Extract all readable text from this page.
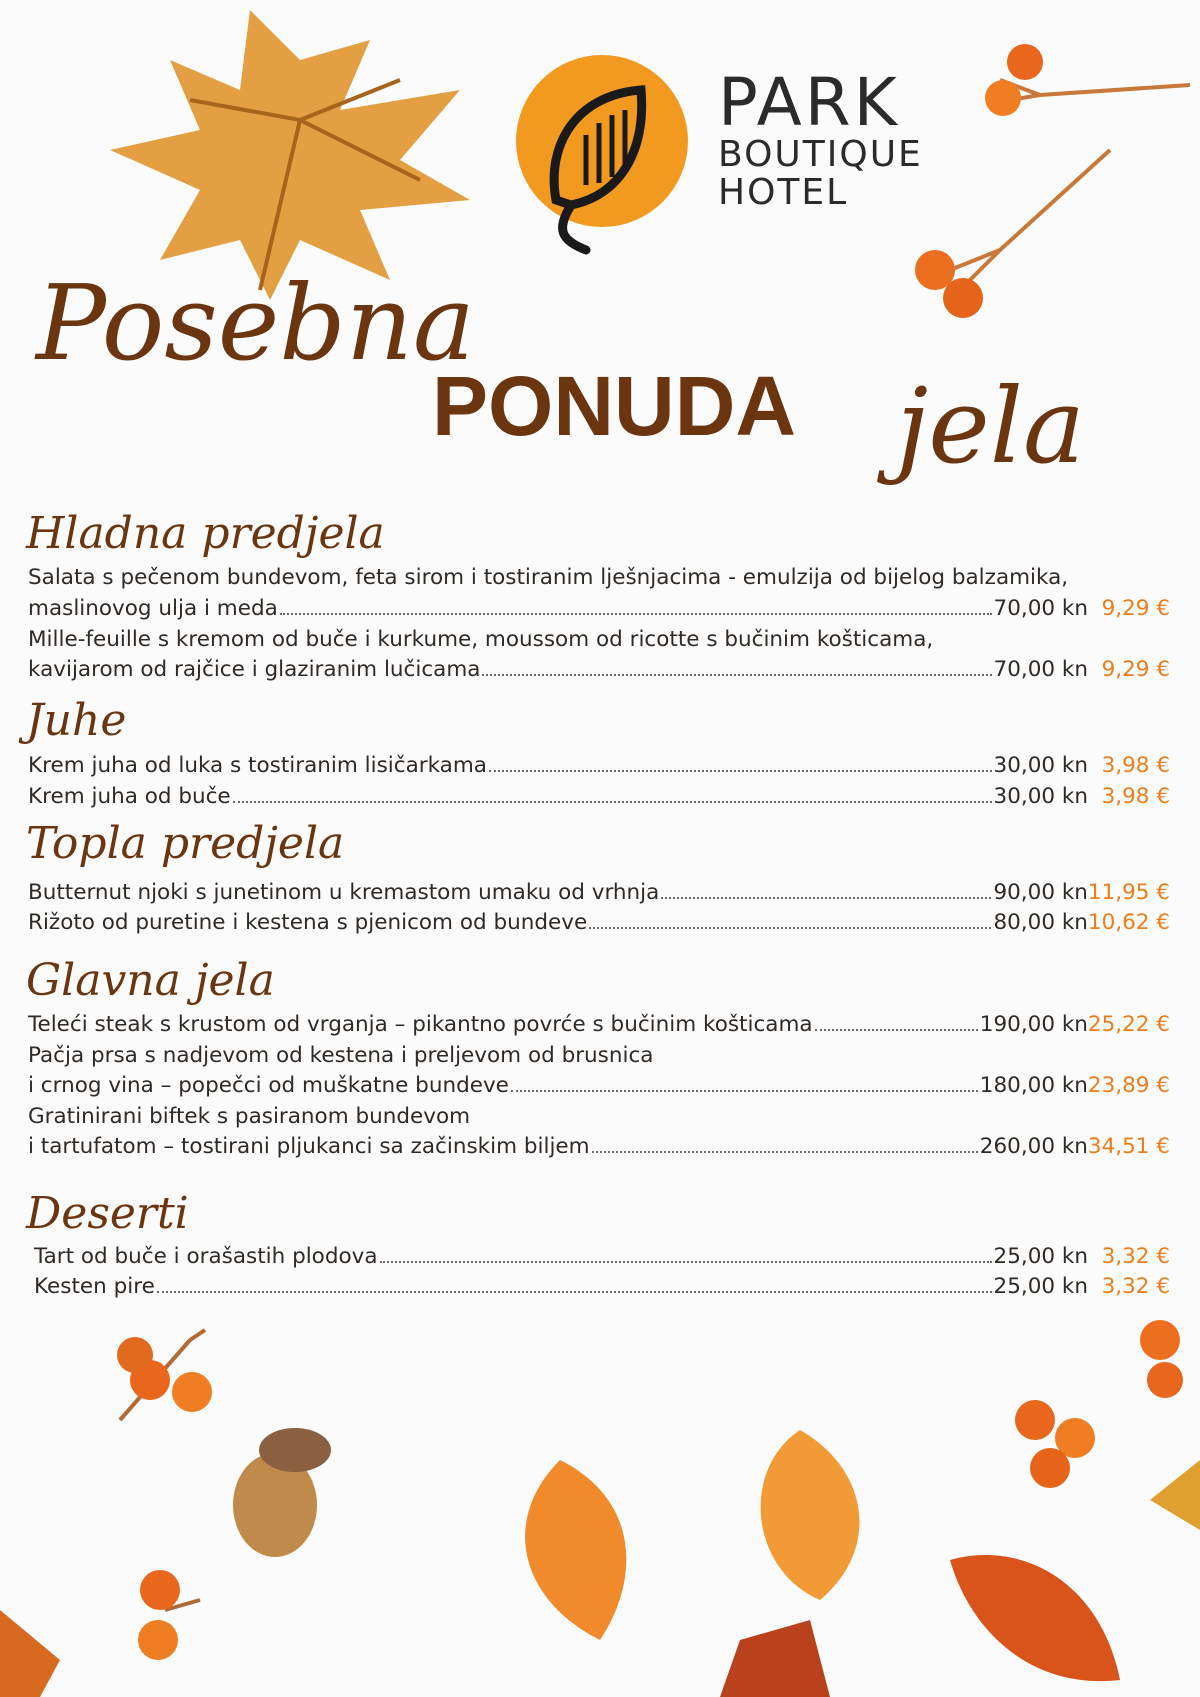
PARK
BOUTIQUE
HOTEL
Posebna
PONUDA jela
Hladna predjela
Salata s pečenom bundevom, feta sirom i tostiranim lješnjacima - emulzija od bijelog balzamika,
maslinovog ulja i meda	70,00 kn 9,29 €
Mille-feuille s kremom od buče i kurkume, moussom od ricotte s bučinim košticama,
kavijarom od rajčice i glaziranim lučicama	70,00 kn 9,29 €
Juhe
Krem juha od luka s tostiranim lisičarkama	30,00 kn 3,98 €
Krem juha od buče	30,00 kn 3,98 €
Topla predjela
Butternut njoki s junetinom u kremastom umaku od vrhnja	90,00 kn 11,95 €
Rižoto od puretine i kestena s pjenicom od bundeve	80,00 kn 10,62 €
Glavna jela
Teleći steak s krustom od vrganja – pikantno povrće s bučinim košticama	190,00 kn 25,22 €
Pačja prsa s nadjevom od kestena i preljevom od brusnica
i crnog vina – popečci od muškatne bundeve	180,00 kn 23,89 €
Gratinirani biftek s pasiranom bundevom
i tartufatom – tostirani pljukanci sa začinskim biljem	260,00 kn 34,51 €
Deserti
Tart od buče i orašastih plodova	25,00 kn 3,32 €
Kesten pire	25,00 kn 3,32 €
